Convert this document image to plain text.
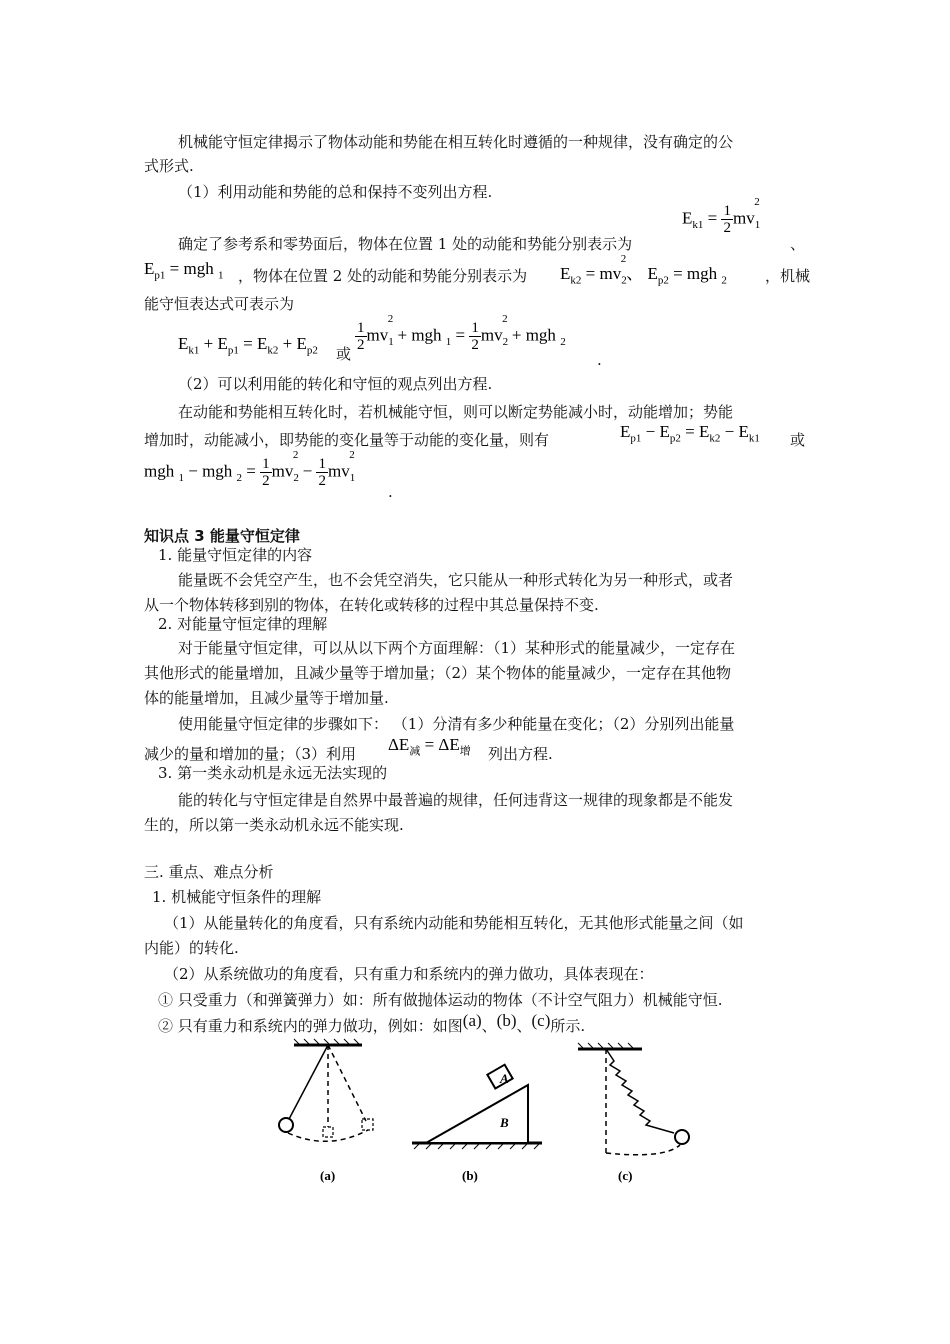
机械能守恒定律揭示了物体动能和势能在相互转化时遵循的一种规律，没有确定的公
式形式.
（1）利用动能和势能的总和保持不变列出方程.
$E_{k1} = \frac{1}{2} mv_1^2$
确定了参考系和零势面后，物体在位置 1 处的动能和势能分别表示为	、
$E_{p1}$ = mgh $_1$ ，物体在位置 2 处的动能和势能分别表示为 $E_{k2} = mv_2^2$、 $E_{p2}$ = mgh $_2$	，机械
能守恒表达式可表示为
$E_{k1} + E_{p1} = E_{k2} + E_{p2}$ 或
$\frac{1}{2} mv_1^2$ + mgh $_1 = \frac{1}{2} mv_2^2$ + mgh $_2$
.
（2）可以利用能的转化和守恒的观点列出方程.
在动能和势能相互转化时，若机械能守恒，则可以断定势能减小时，动能增加；势能
增加时，动能减小，即势能的变化量等于动能的变化量，则有	$E_{p1} - E_{p2} = E_{k2} - E_{k1}$ 或
mgh $_1$ − mgh $_2 = \frac{1}{2} mv_2^2 - \frac{1}{2} mv_1^2$
.
知识点 3 能量守恒定律
1. 能量守恒定律的内容
能量既不会凭空产生，也不会凭空消失，它只能从一种形式转化为另一种形式，或者
从一个物体转移到别的物体，在转化或转移的过程中其总量保持不变.
2. 对能量守恒定律的理解
对于能量守恒定律，可以从以下两个方面理解：（1）某种形式的能量减少，一定存在
其他形式的能量增加，且减少量等于增加量；（2）某个物体的能量减少，一定存在其他物
体的能量增加，且减少量等于增加量.
使用能量守恒定律的步骤如下： （1）分清有多少种能量在变化；（2）分别列出能量
减少的量和增加的量；（3）利用 $\Delta E_减 = \Delta E_增$ 列出方程.
3. 第一类永动机是永远无法实现的
能的转化与守恒定律是自然界中最普遍的规律，任何违背这一规律的现象都是不能发
生的，所以第一类永动机永远不能实现.
三. 重点、难点分析
1. 机械能守恒条件的理解
（1）从能量转化的角度看，只有系统内动能和势能相互转化，无其他形式能量之间（如
内能）的转化.
（2）从系统做功的角度看，只有重力和系统内的弹力做功，具体表现在：
① 只受重力（和弹簧弹力）如：所有做抛体运动的物体（不计空气阻力）机械能守恒.
② 只有重力和系统内的弹力做功，例如：如图(a)、(b)、(c)所示.
(a)
A
B
(b)	(c)
